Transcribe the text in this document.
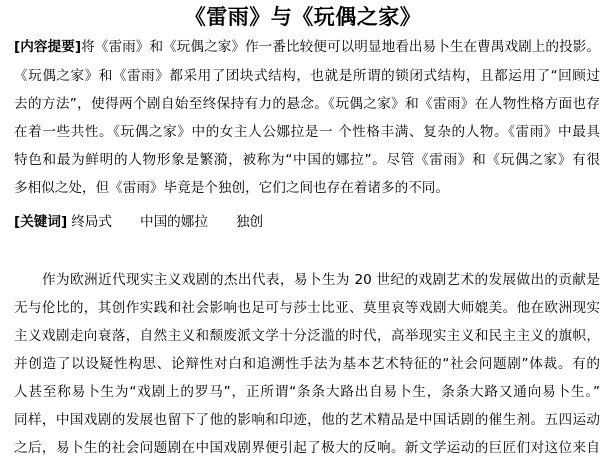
《雷雨》与《玩偶之家》
[内容提要]将《雷雨》和《玩偶之家》作一番比较便可以明显地看出易卜生在曹禺戏剧上的投影。
《玩偶之家》和《雷雨》都采用了团块式结构，也就是所谓的锁闭式结构，且都运用了“回顾过
去的方法”，使得两个剧自始至终保持有力的悬念。《玩偶之家》和《雷雨》在人物性格方面也存
在着一些共性。《玩偶之家》中的女主人公娜拉是一 个性格丰满、复杂的人物。《雷雨》中最具
特色和最为鲜明的人物形象是繁漪，被称为“中国的娜拉”。尽管《雷雨》和《玩偶之家》有很
多相似之处，但《雷雨》毕竟是个独创，它们之间也存在着诸多的不同。
[关键词] 终局式 中国的娜拉 独创
作为欧洲近代现实主义戏剧的杰出代表，易卜生为 20 世纪的戏剧艺术的发展做出的贡献是
无与伦比的，其创作实践和社会影响也足可与莎士比亚、莫里哀等戏剧大师媲美。他在欧洲现实
主义戏剧走向衰落，自然主义和颓废派文学十分泛滥的时代，高举现实主义和民主主义的旗帜，
并创造了以设疑性构思、论辩性对白和追溯性手法为基本艺术特征的“社会问题剧”体裁。有的
人甚至称易卜生为“戏剧上的罗马”，正所谓“条条大路出自易卜生，条条大路又通向易卜生。”
同样，中国戏剧的发展也留下了他的影响和印迹，他的艺术精品是中国话剧的催生剂。五四运动
之后，易卜生的社会问题剧在中国戏剧界便引起了极大的反响。新文学运动的巨匠们对这位来自
